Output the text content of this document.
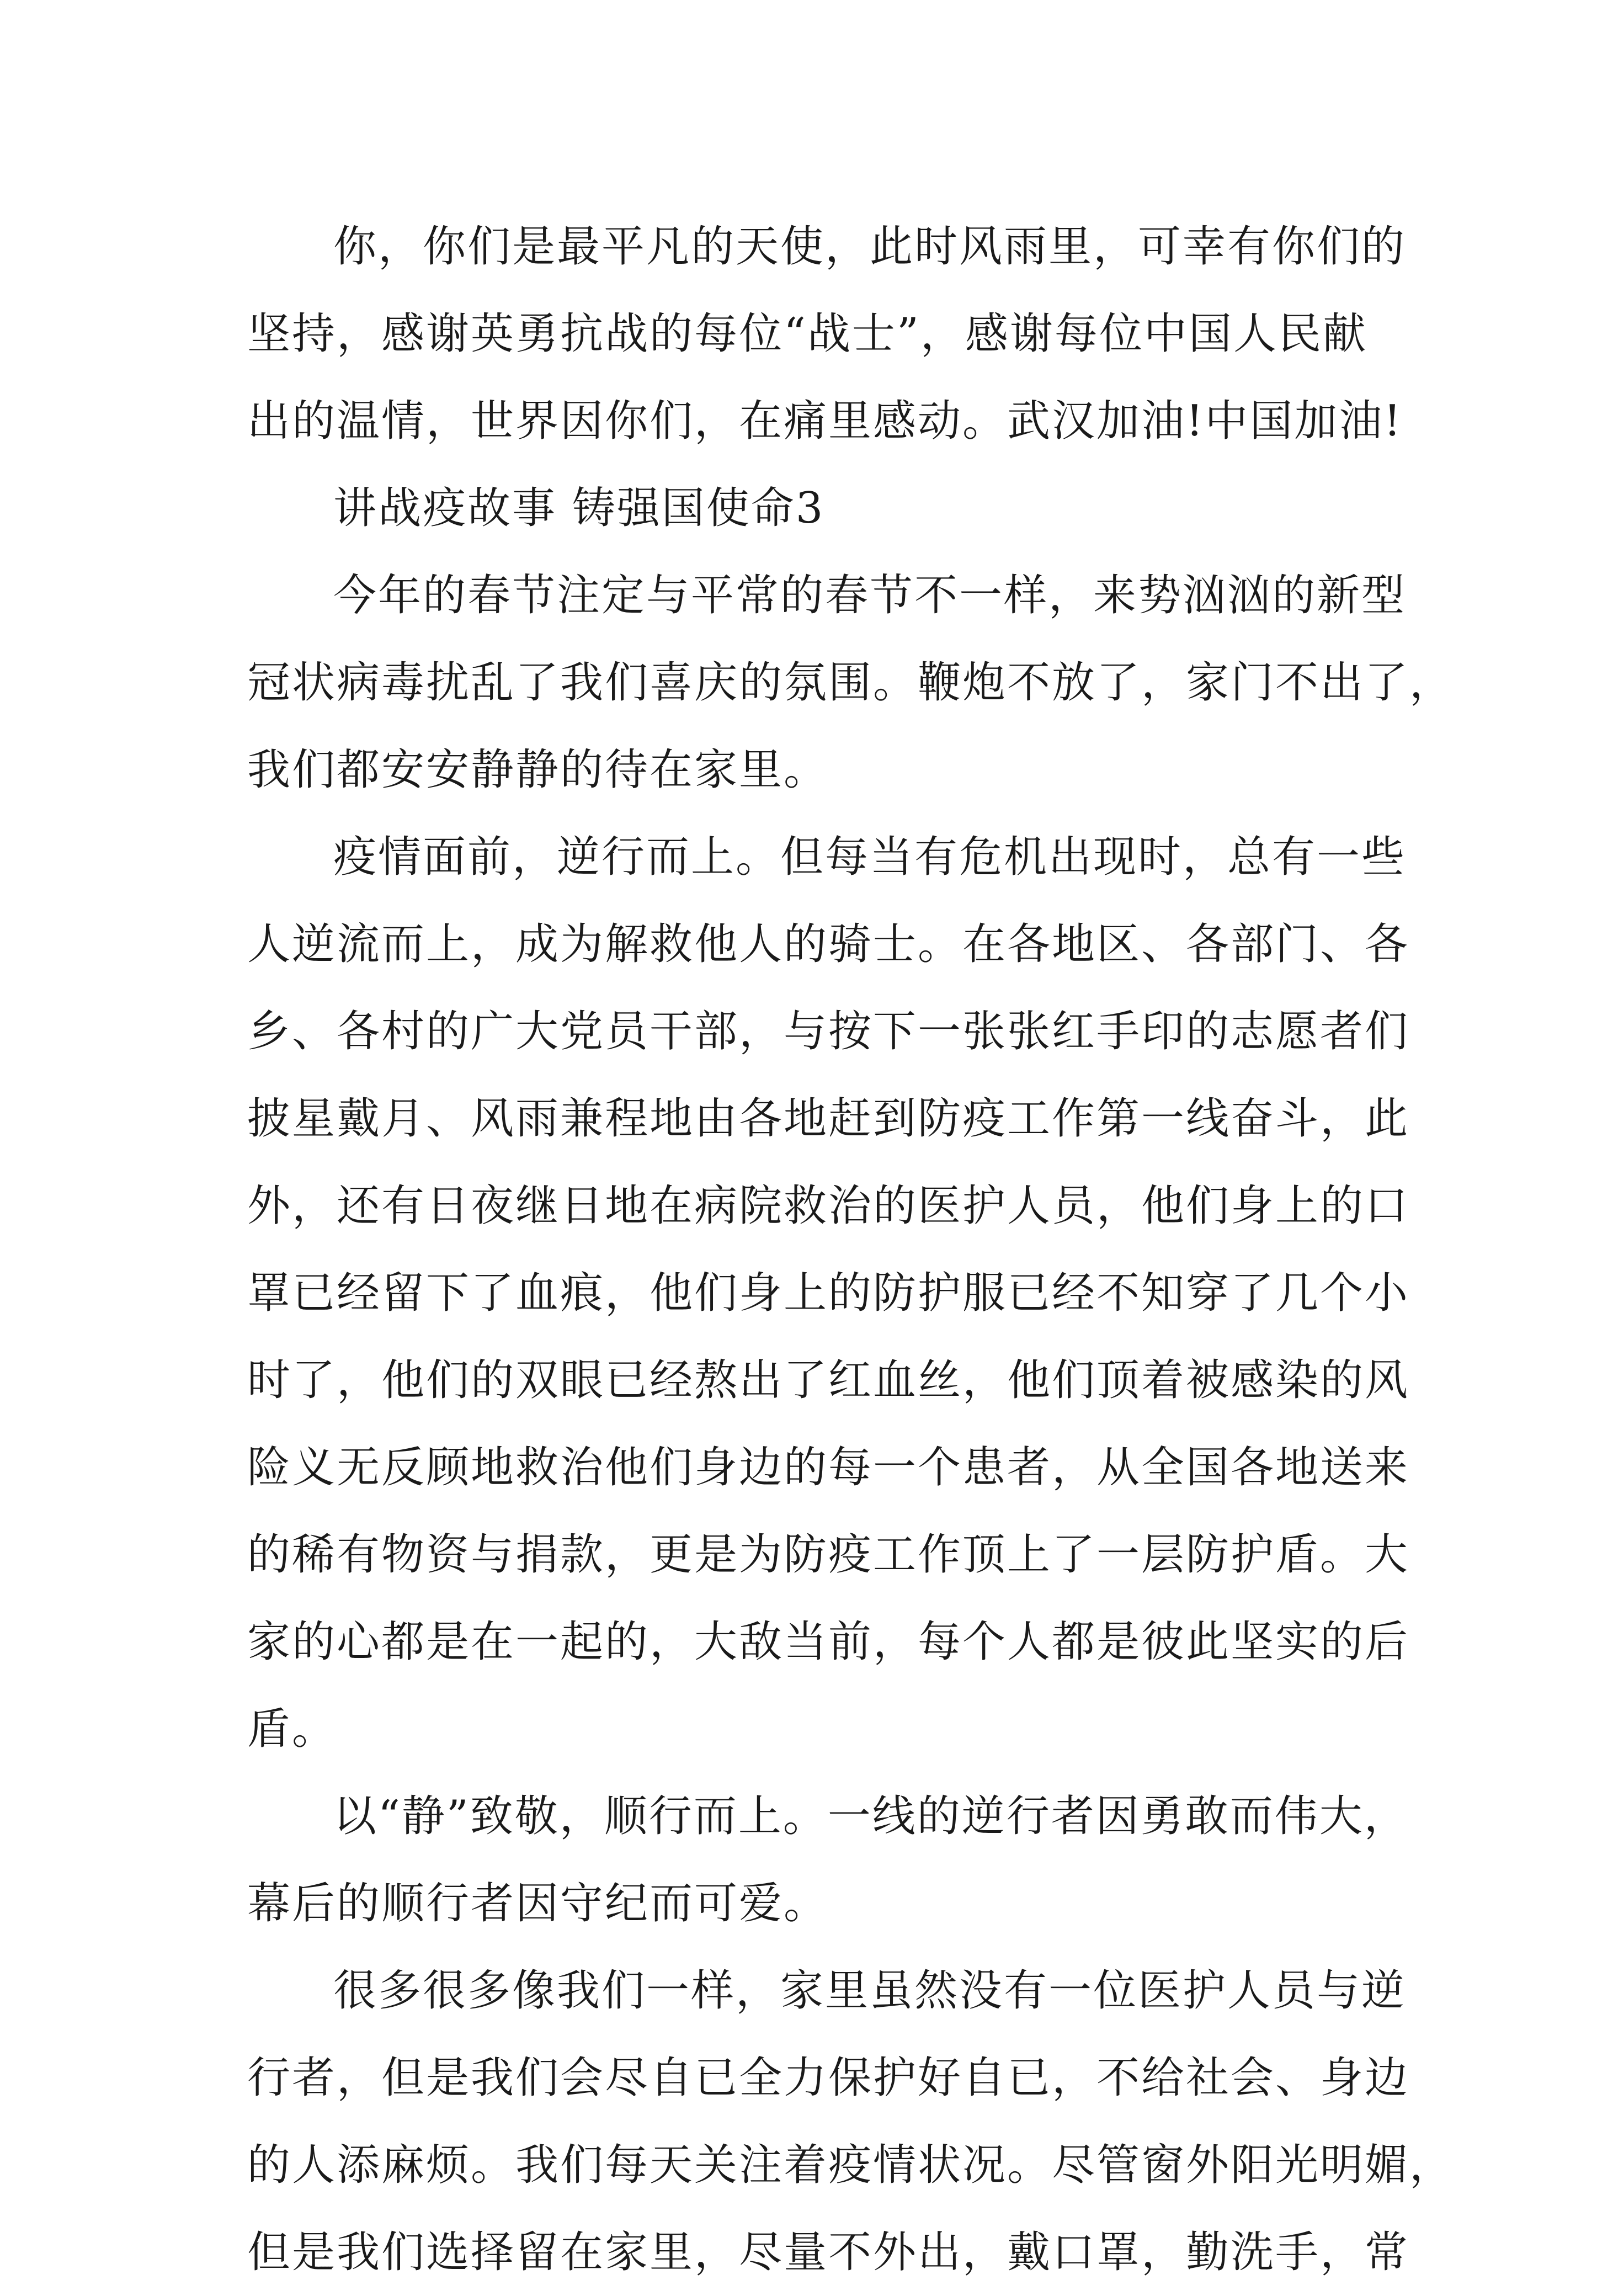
你，你们是最平凡的天使，此时风雨里，可幸有你们的
坚持，感谢英勇抗战的每位“战士”，感谢每位中国人民献
出的温情，世界因你们，在痛里感动。武汉加油!中国加油!
讲战疫故事 铸强国使命3
今年的春节注定与平常的春节不一样，来势汹汹的新型
冠状病毒扰乱了我们喜庆的氛围。鞭炮不放了，家门不出了，
我们都安安静静的待在家里。
疫情面前，逆行而上。但每当有危机出现时，总有一些
人逆流而上，成为解救他人的骑士。在各地区、各部门、各
乡、各村的广大党员干部，与按下一张张红手印的志愿者们
披星戴月、风雨兼程地由各地赶到防疫工作第一线奋斗，此
外，还有日夜继日地在病院救治的医护人员，他们身上的口
罩已经留下了血痕，他们身上的防护服已经不知穿了几个小
时了，他们的双眼已经熬出了红血丝，他们顶着被感染的风
险义无反顾地救治他们身边的每一个患者，从全国各地送来
的稀有物资与捐款，更是为防疫工作顶上了一层防护盾。大
家的心都是在一起的，大敌当前，每个人都是彼此坚实的后
盾。
以“静”致敬，顺行而上。一线的逆行者因勇敢而伟大，
幕后的顺行者因守纪而可爱。
很多很多像我们一样，家里虽然没有一位医护人员与逆
行者，但是我们会尽自已全力保护好自已，不给社会、身边
的人添麻烦。我们每天关注着疫情状况。尽管窗外阳光明媚，
但是我们选择留在家里，尽量不外出，戴口罩，勤洗手，常
